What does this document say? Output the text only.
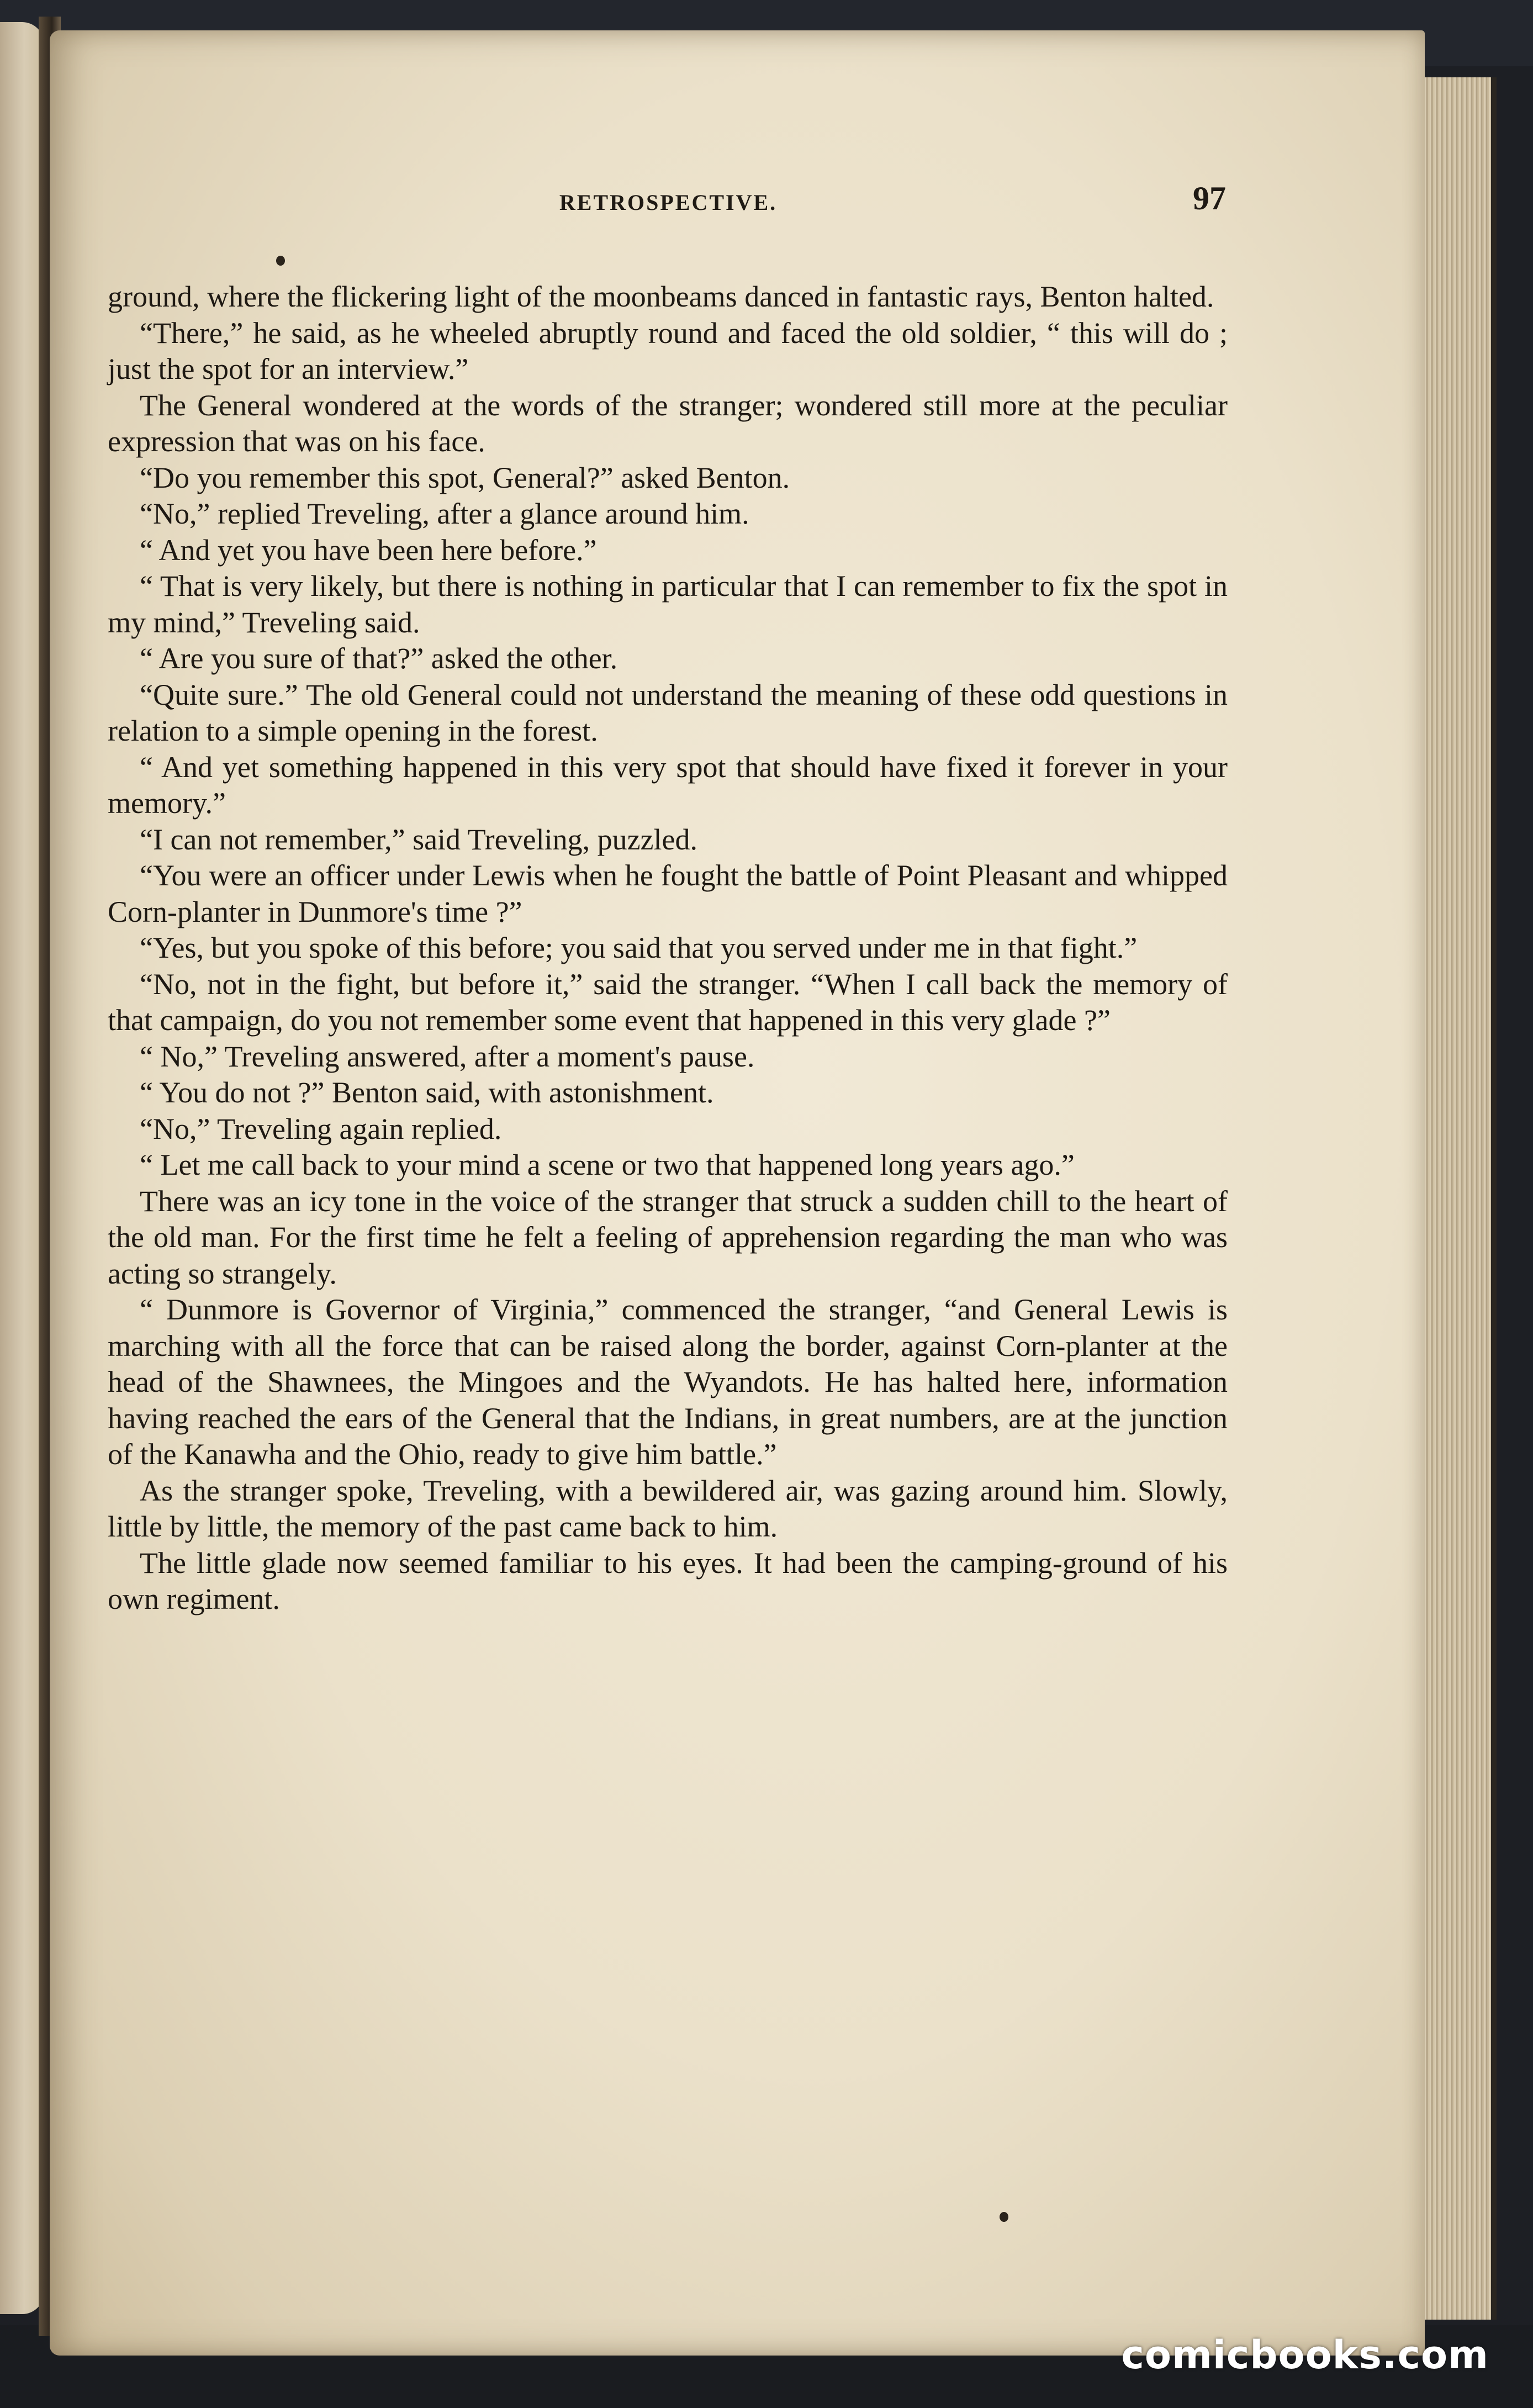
RETROSPECTIVE.	97

ground, where the flickering light of the moonbeams danced in fantastic rays, Benton halted.

“There,” he said, as he wheeled abruptly round and faced the old soldier, “ this will do ; just the spot for an interview.”

The General wondered at the words of the stranger; wondered still more at the peculiar expression that was on his face.

“Do you remember this spot, General?” asked Benton.

“No,” replied Treveling, after a glance around him.

“ And yet you have been here before.”

“ That is very likely, but there is nothing in particular that I can remember to fix the spot in my mind,” Treveling said.

“ Are you sure of that?” asked the other.

“Quite sure.” The old General could not understand the meaning of these odd questions in relation to a simple opening in the forest.

“ And yet something happened in this very spot that should have fixed it forever in your memory.”

“I can not remember,” said Treveling, puzzled.

“You were an officer under Lewis when he fought the battle of Point Pleasant and whipped Corn-planter in Dunmore's time ?”

“Yes, but you spoke of this before; you said that you served under me in that fight.”

“No, not in the fight, but before it,” said the stranger. “When I call back the memory of that campaign, do you not remember some event that happened in this very glade ?”

“ No,” Treveling answered, after a moment's pause.

“ You do not ?” Benton said, with astonishment.

“No,” Treveling again replied.

“ Let me call back to your mind a scene or two that happened long years ago.”

There was an icy tone in the voice of the stranger that struck a sudden chill to the heart of the old man. For the first time he felt a feeling of apprehension regarding the man who was acting so strangely.

“ Dunmore is Governor of Virginia,” commenced the stranger, “and General Lewis is marching with all the force that can be raised along the border, against Corn-planter at the head of the Shawnees, the Mingoes and the Wyandots. He has halted here, information having reached the ears of the General that the Indians, in great numbers, are at the junction of the Kanawha and the Ohio, ready to give him battle.”

As the stranger spoke, Treveling, with a bewildered air, was gazing around him. Slowly, little by little, the memory of the past came back to him.

The little glade now seemed familiar to his eyes. It had been the camping-ground of his own regiment.

comicbooks.com
